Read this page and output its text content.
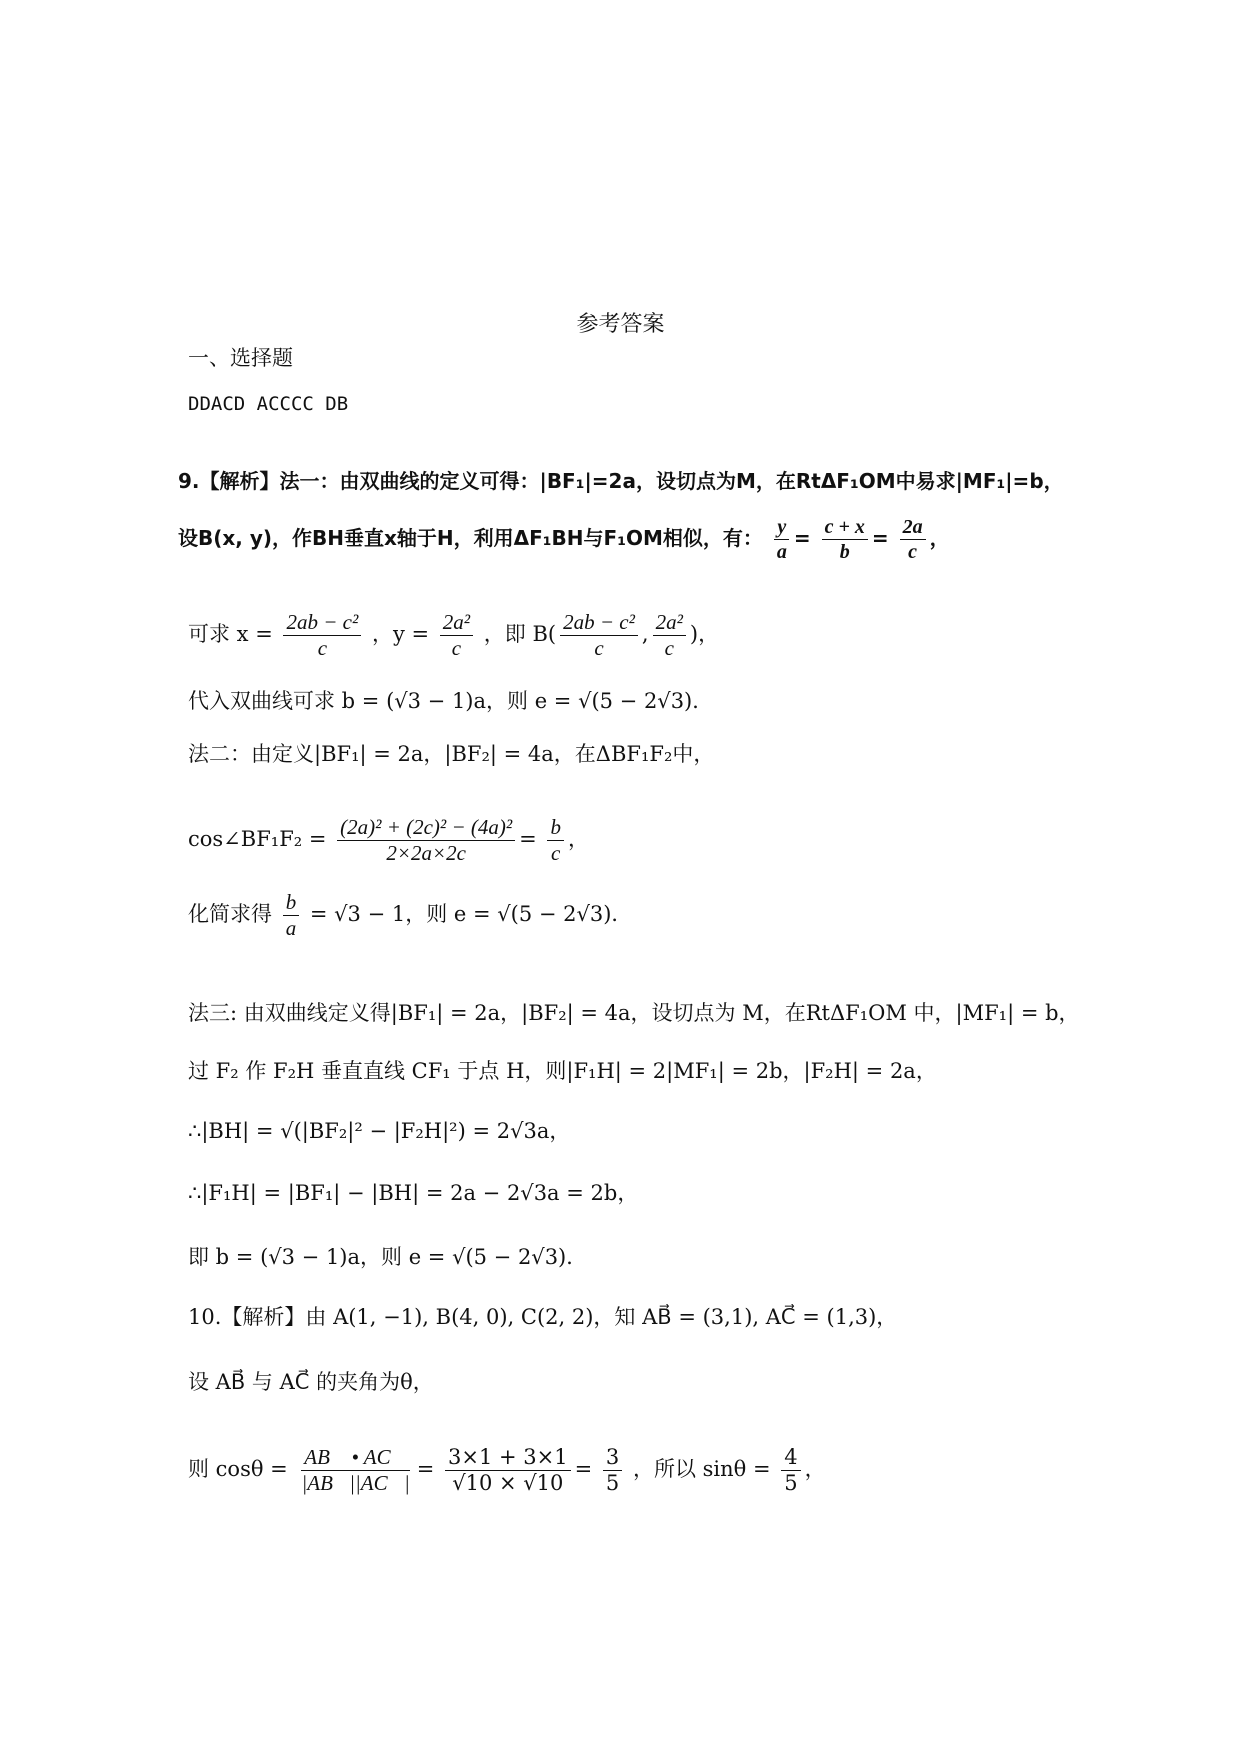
参考答案
一、选择题
DDACD ACCCC DB
9.【解析】法一：由双曲线的定义可得：|BF₁|=2a，设切点为M，在RtΔF₁OM中易求|MF₁|=b，
设B(x, y)，作BH垂直x轴于H，利用ΔF₁BH与F₁OM相似，有： $\frac{y}{a} = \frac{c + x}{b} = \frac{2a}{c}$ ，
可求 $x = \frac{\text{2ab − c²}}{c}$ ，$y = \frac{\text{2a²}}{c}$ ，即 $B( \frac{\text{2ab − c²}}{c}$ , $\frac{\text{2a²}}{c}$ )，
代入双曲线可求 b = (√3 − 1)a，则 e = √(5 − 2√3)．
法二：由定义|BF₁| = 2a，|BF₂| = 4a，在ΔBF₁F₂中，
cos∠BF₁F₂ = $\frac{\text{(2a)² + (2c)² − (4a)²}}{2\times 2a\times 2c} = \frac{b}{c}$ ，
化简求得 $\frac{b}{a} = √3 - 1$，则 e = √(5 − 2√3)．
法三: 由双曲线定义得|BF₁| = 2a，|BF₂| = 4a，设切点为 M，在RtΔF₁OM 中，|MF₁| = b，
过 F₂ 作 F₂H 垂直直线 CF₁ 于点 H，则|F₁H| = 2|MF₁| = 2b，|F₂H| = 2a，
∴|BH| = √(|BF₂|² − |F₂H|²) = 2√3a，
∴|F₁H| = |BF₁| − |BH| = 2a − 2√3a = 2b，
即 b = (√3 − 1)a，则 e = √(5 − 2√3)．
10.【解析】由 A(1, −1), B(4, 0), C(2, 2)，知 AB⃗ = (3,1), AC⃗ = (1,3)，
设 AB⃗ 与 AC⃗ 的夹角为θ，
则 $\cos\theta = \frac{AB⃗ • AC⃗}{|AB⃗||AC⃗|} = \frac{3\times 1 + 3\times 1}{√10 \times √10} = \frac{3}{5}$ ，所以 $\sin\theta = \frac{4}{5}$ ，
